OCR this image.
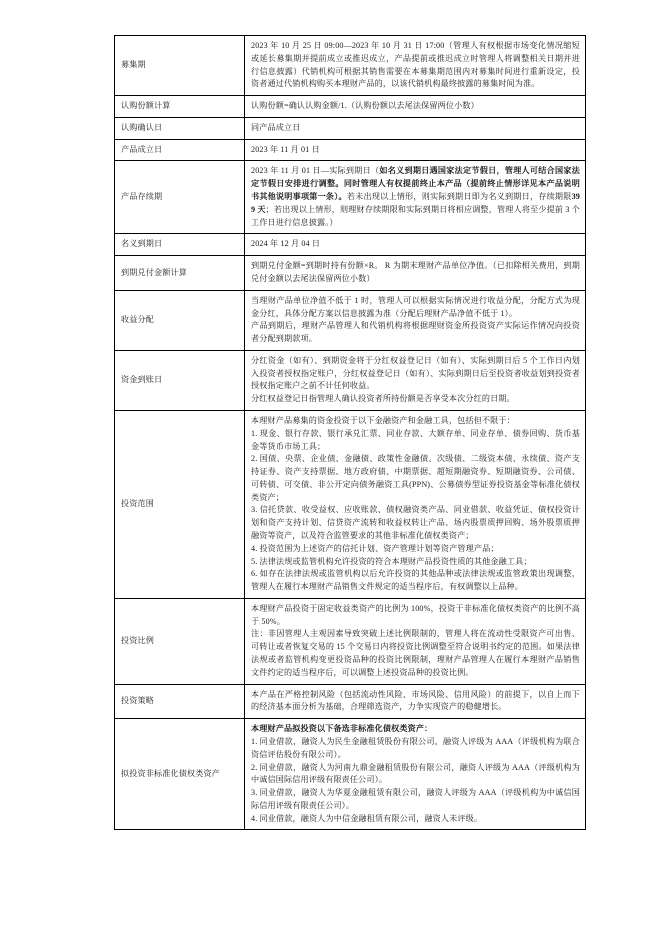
募集期	2023 年 10 月 25 日 09:00—2023 年 10 月 31 日 17:00（管理人有权根据市场变化情况缩短或延长募集期并提前成立或推迟成立，产品提前或推迟成立时管理人将调整相关日期并进行信息披露）代销机构可根据其销售需要在本募集期范围内对募集时间进行重新设定，投资者通过代销机构购买本理财产品的，以该代销机构最终披露的募集时间为准。

认购份额计算	认购份额=确认认购金额/1.（认购份额以去尾法保留两位小数）

认购确认日	同产品成立日

产品成立日	2023 年 11 月 01 日

产品存续期	2023 年 11 月 01 日—实际到期日（如名义到期日遇国家法定节假日，管理人可结合国家法定节假日安排进行调整。同时管理人有权提前终止本产品（提前终止情形详见本产品说明书其他说明事项第一条）。若未出现以上情形，则实际到期日即为名义到期日，存续期限399 天；若出现以上情形，则理财存续期限和实际到期日将相应调整，管理人将至少提前 3 个工作日进行信息披露。）

名义到期日	2024 年 12 月 04 日

到期兑付金额计算	到期兑付金额=到期时持有份额×R。 R 为期末理财产品单位净值。（已扣除相关费用，到期兑付金额以去尾法保留两位小数）

收益分配	当理财产品单位净值不低于 1 时，管理人可以根据实际情况进行收益分配，分配方式为现金分红，具体分配方案以信息披露为准（分配后理财产品净值不低于 1）。

产品到期后，理财产品管理人和代销机构将根据理财资金所投资资产实际运作情况向投资者分配到期款项。

资金到账日	分红资金（如有）、到期资金将于分红权益登记日（如有）、实际到期日后 5 个工作日内划入投资者授权指定账户，分红权益登记日（如有）、实际到期日后至投资者收益划到投资者授权指定账户之前不计任何收益。

分红权益登记日指管理人确认投资者所持份额是否享受本次分红的日期。

投资范围	

本理财产品募集的资金投资于以下金融资产和金融工具，包括但不限于：

1. 现金、银行存款、银行承兑汇票、同业存款、大额存单、同业存单、债券回购、货币基金等货币市场工具；

2. 国债、央票、企业债、金融债、政策性金融债、次级债、二级资本债、永续债、资产支持证券、资产支持票据、地方政府债、中期票据、超短期融资券、短期融资券、公司债、可转债、可交债、非公开定向债务融资工具(PPN)、公募债券型证券投资基金等标准化债权类资产；

3. 信托贷款、收受益权、应收账款、债权融资类产品、同业借款、收益凭证、债权投资计划和资产支持计划、信贷资产流转和收益权转让产品、场内股票质押回购、场外股票质押融资等资产，以及符合监管要求的其他非标准化债权类资产；

4. 投资范围为上述资产的信托计划、资产管理计划等资产管理产品；

5. 法律法规或监管机构允许投资的符合本理财产品投资性质的其他金融工具；

6. 如存在法律法规或监管机构以后允许投资的其他品种或法律法规或监管政策出现调整，管理人在履行本理财产品销售文件规定的适当程序后，有权调整以上品种。

投资比例	本理财产品投资于固定收益类资产的比例为 100%，投资于非标准化债权类资产的比例不高于 50%。

注：非因管理人主观因素导致突破上述比例限制的，管理人将在流动性受限资产可出售、可转让或者恢复交易的 15 个交易日内将投资比例调整至符合说明书约定的范围。如果法律法规或者监管机构变更投资品种的投资比例限制，理财产品管理人在履行本理财产品销售文件约定的适当程序后，可以调整上述投资品种的投资比例。

投资策略	本产品在严格控制风险（包括流动性风险、市场风险、信用风险）的前提下，以自上而下的经济基本面分析为基础，合理筛选资产，力争实现资产的稳健增长。

拟投资非标准化债权类资产	本理财产品拟投资以下备选非标准化债权类资产：

1. 同业借款，融资人为民生金融租赁股份有限公司，融资人评级为 AAA（评级机构为联合资信评估股份有限公司）。

2. 同业借款，融资人为河南九鼎金融租赁股份有限公司，融资人评级为 AAA（评级机构为中诚信国际信用评级有限责任公司）。

3. 同业借款，融资人为华夏金融租赁有限公司，融资人评级为 AAA（评级机构为中诚信国际信用评级有限责任公司）。

4. 同业借款，融资人为中信金融租赁有限公司，融资人未评级。
